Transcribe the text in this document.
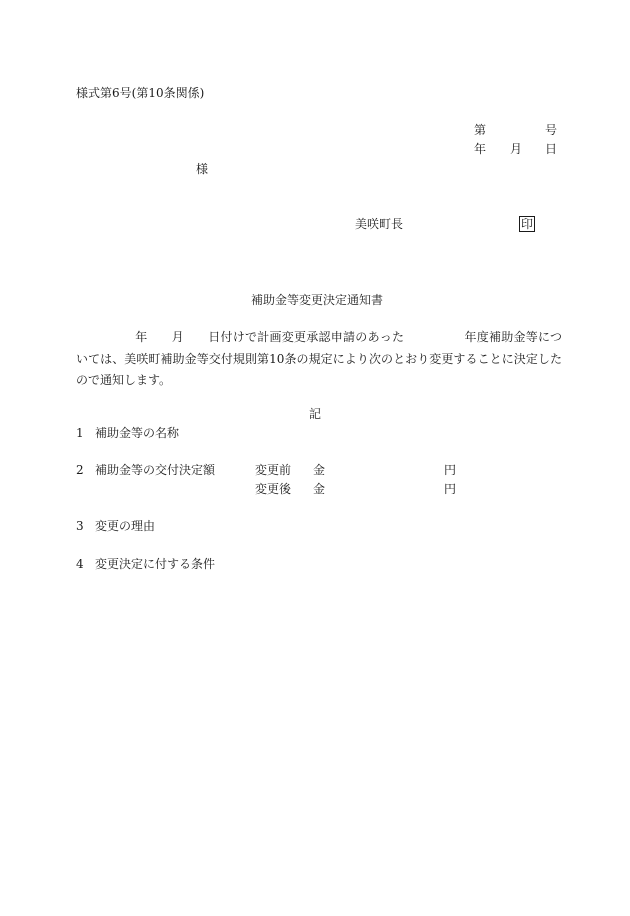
様式第6号(第10条関係)
第	号
年 月 日
様
美咲町長	印
補助金等変更決定通知書
年 月 日付けで計画変更承認申請のあった	年度補助金等については、美咲町補助金等交付規則第10条の規定により次のとおり変更することに決定したので通知します。
記
1 補助金等の名称
2 補助金等の交付決定額	変更前 金	円
変更後 金	円
3 変更の理由
4 変更決定に付する条件
